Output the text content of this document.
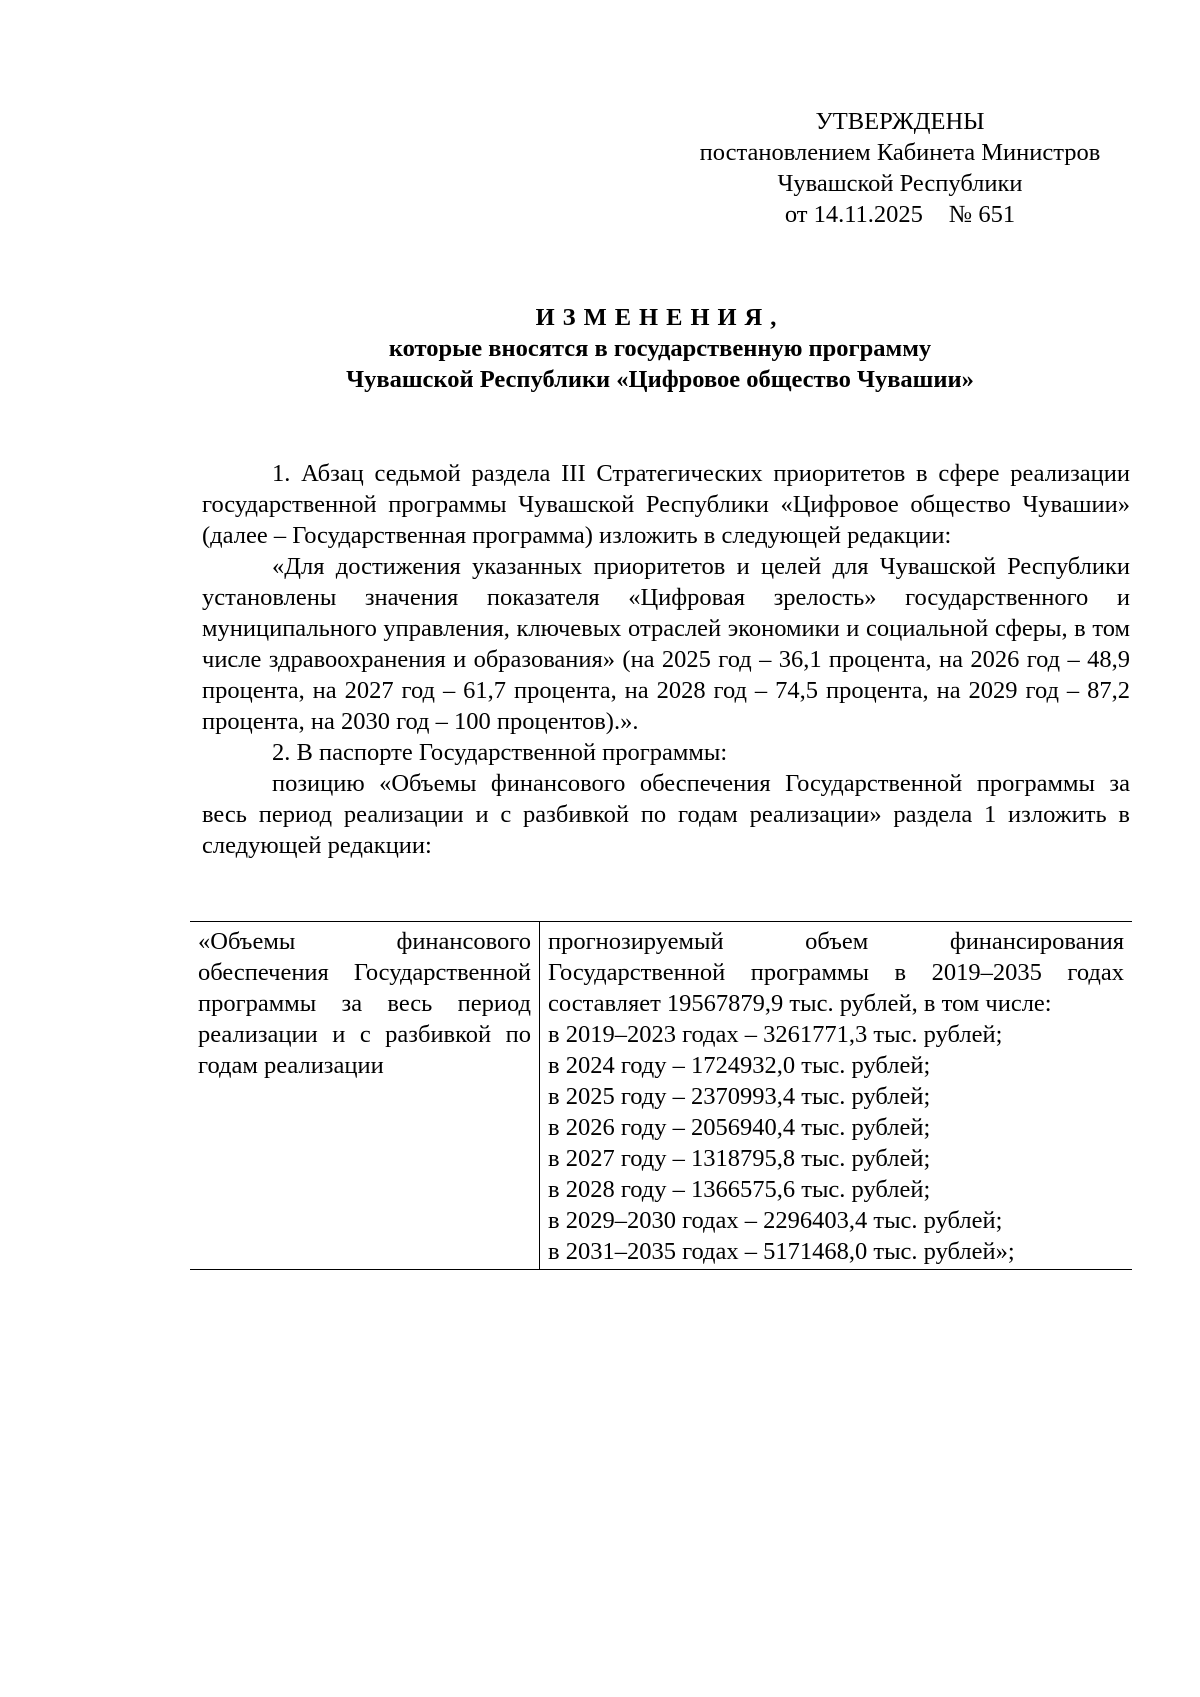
УТВЕРЖДЕНЫ
постановлением Кабинета Министров
Чувашской Республики
от 14.11.2025 № 651
ИЗМЕНЕНИЯ,
которые вносятся в государственную программу
Чувашской Республики «Цифровое общество Чувашии»

1. Абзац седьмой раздела III Стратегических приоритетов в сфере реализации государственной программы Чувашской Республики «Цифровое общество Чувашии» (далее – Государственная программа) изложить в следующей редакции:

«Для достижения указанных приоритетов и целей для Чувашской Республики установлены значения показателя «Цифровая зрелость» государственного и муниципального управления, ключевых отраслей экономики и социальной сферы, в том числе здравоохранения и образования» (на 2025 год – 36,1 процента, на 2026 год – 48,9 процента, на 2027 год – 61,7 процента, на 2028 год – 74,5 процента, на 2029 год – 87,2 процента, на 2030 год – 100 процентов).».

2. В паспорте Государственной программы:

позицию «Объемы финансового обеспечения Государственной программы за весь период реализации и с разбивкой по годам реализации» раздела 1 изложить в следующей редакции:

«Объемы финансового обеспечения Государственной программы за весь период реализации и с разбивкой по годам реализации	прогнозируемый объем финансирования Государственной программы в 2019–2035 годах составляет 19567879,9 тыс. рублей, в том числе:
в 2019–2023 годах – 3261771,3 тыс. рублей;
в 2024 году – 1724932,0 тыс. рублей;
в 2025 году – 2370993,4 тыс. рублей;
в 2026 году – 2056940,4 тыс. рублей;
в 2027 году – 1318795,8 тыс. рублей;
в 2028 году – 1366575,6 тыс. рублей;
в 2029–2030 годах – 2296403,4 тыс. рублей;
в 2031–2035 годах – 5171468,0 тыс. рублей»;
